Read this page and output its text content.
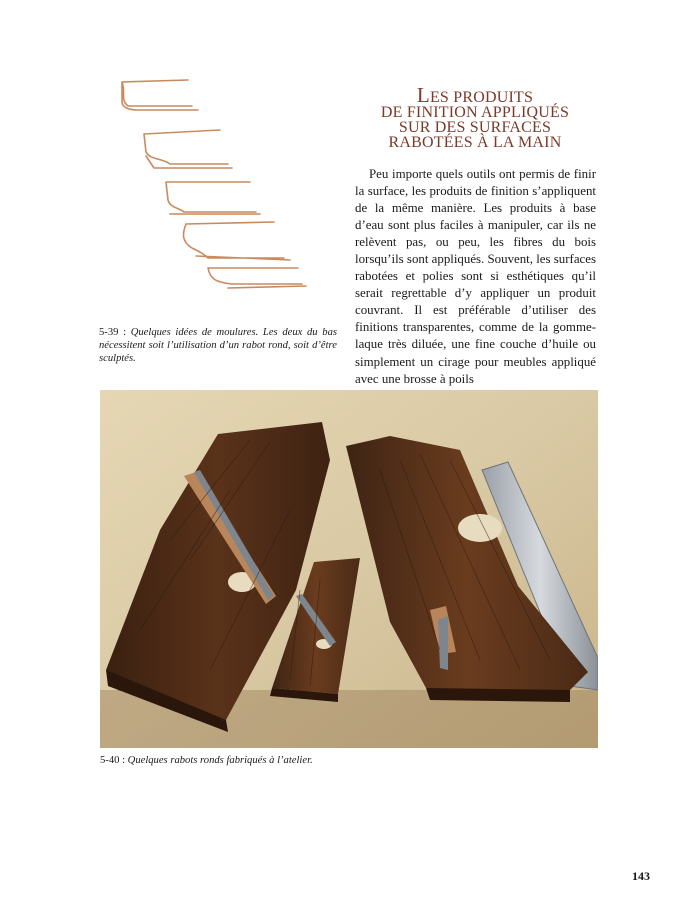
5-39 : Quelques idées de moulures. Les deux du bas nécessitent soit l’utilisation d’un rabot rond, soit d’être sculptés.
LES PRODUITS
DE FINITION APPLIQUÉS
SUR DES SURFACES
RABOTÉES À LA MAIN
Peu importe quels outils ont permis de finir la surface, les produits de finition s’appliquent de la même manière. Les produits à base d’eau sont plus faciles à manipuler, car ils ne relèvent pas, ou peu, les fibres du bois lorsqu’ils sont appliqués. Souvent, les surfaces rabotées et polies sont si esthétiques qu’il serait regrettable d’y appliquer un produit couvrant. Il est préférable d’utiliser des finitions transparentes, comme de la gomme-laque très diluée, une fine couche d’huile ou simplement un cirage pour meubles appliqué avec une brosse à poils
5-40 : Quelques rabots ronds fabriqués à l’atelier.
143
